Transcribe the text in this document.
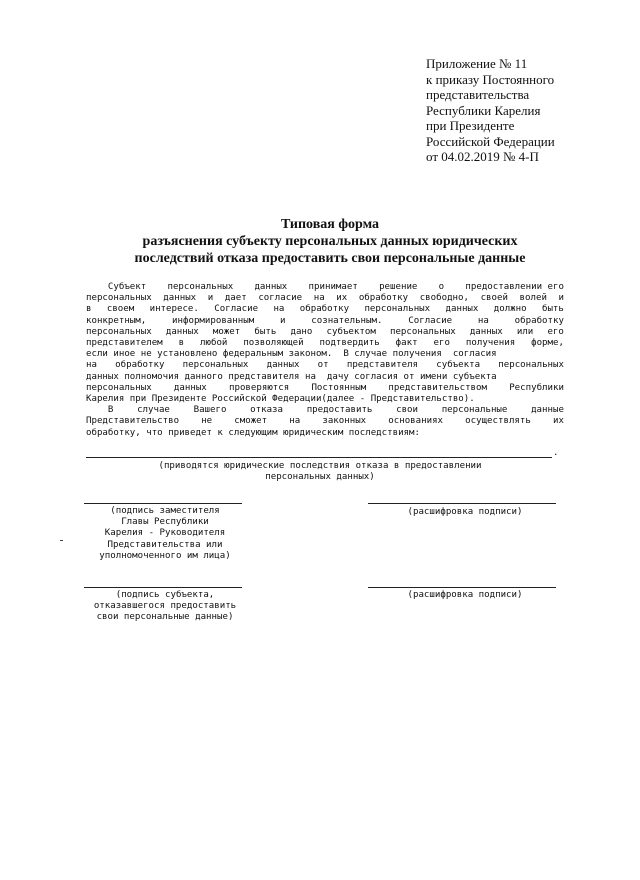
Приложение № 11
к приказу Постоянного
представительства
Республики Карелия
при Президенте
Российской Федерации
от 04.02.2019 № 4-П
Типовая форма
разъяснения субъекту персональных данных юридических
последствий отказа предоставить свои персональные данные
Субъект персональных данных принимает решение о предоставлении его
персональных данных и дает согласие на их обработку свободно, своей волей и
в своем интересе. Согласие на обработку персональных данных должно быть
конкретным,	информированным	и	сознательным.	Согласие	на	обработку
персональных данных может быть дано субъектом персональных данных или его
представителем в любой позволяющей подтвердить факт его получения форме,
если иное не установлено федеральным законом.  В случае получения  согласия
на обработку персональных данных от представителя субъекта персональных
данных полномочия данного представителя на  дачу согласия от имени субъекта
персональных данных проверяются Постоянным представительством Республики
Карелия при Президенте Российской Федерации(далее - Представительство).
В	случае	Вашего	отказа	предоставить	свои	персональные	данные
Представительство не сможет на законных основаниях осуществлять их
обработку, что приведет к следующим юридическим последствиям:
.
(приводятся юридические последствия отказа в предоставлении
персональных данных)
(подпись заместителя
Главы Республики
Карелия - Руководителя
Представительства или
уполномоченного им лица)
(расшифровка подписи)
(подпись субъекта,
отказавшегося предоставить
свои персональные данные)
(расшифровка подписи)
